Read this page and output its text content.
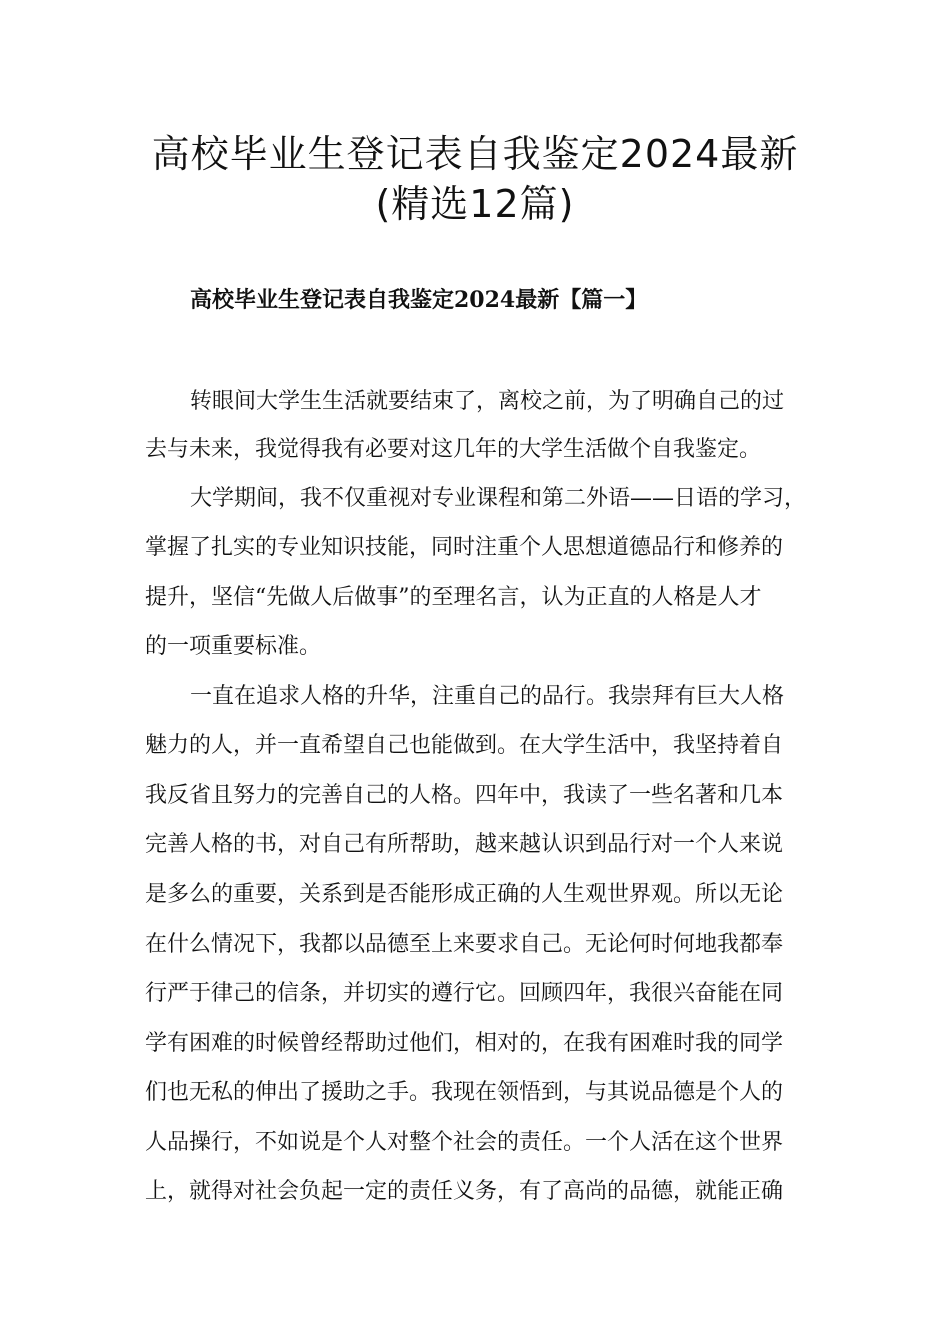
高校毕业生登记表自我鉴定2024最新
(精选12篇)
高校毕业生登记表自我鉴定2024最新【篇一】

转眼间大学生生活就要结束了，离校之前，为了明确自己的过

去与未来，我觉得我有必要对这几年的大学生活做个自我鉴定。

大学期间，我不仅重视对专业课程和第二外语——日语的学习，

掌握了扎实的专业知识技能，同时注重个人思想道德品行和修养的

提升，坚信“先做人后做事”的至理名言，认为正直的人格是人才

的一项重要标准。

一直在追求人格的升华，注重自己的品行。我崇拜有巨大人格

魅力的人，并一直希望自己也能做到。在大学生活中，我坚持着自

我反省且努力的完善自己的人格。四年中，我读了一些名著和几本

完善人格的书，对自己有所帮助，越来越认识到品行对一个人来说

是多么的重要，关系到是否能形成正确的人生观世界观。所以无论

在什么情况下，我都以品德至上来要求自己。无论何时何地我都奉

行严于律己的信条，并切实的遵行它。回顾四年，我很兴奋能在同

学有困难的时候曾经帮助过他们，相对的，在我有困难时我的同学

们也无私的伸出了援助之手。我现在领悟到，与其说品德是个人的

人品操行，不如说是个人对整个社会的责任。一个人活在这个世界

上，就得对社会负起一定的责任义务，有了高尚的品德，就能正确
